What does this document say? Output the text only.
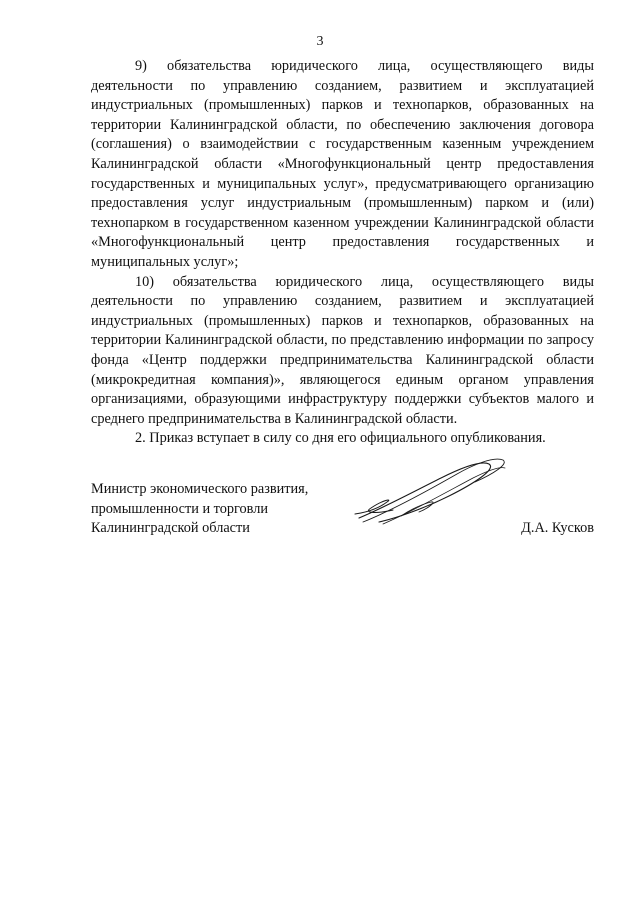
3

9) обязательства юридического лица, осуществляющего виды деятельности по управлению созданием, развитием и эксплуатацией индустриальных (промышленных) парков и технопарков, образованных на территории Калининградской области, по обеспечению заключения договора (соглашения) о взаимодействии с государственным казенным учреждением Калининградской области «Многофункциональный центр предоставления государственных и муниципальных услуг», предусматривающего организацию предоставления услуг индустриальным (промышленным) парком и (или) технопарком в государственном казенном учреждении Калининградской области «Многофункциональный центр предоставления государственных и муниципальных услуг»;

10) обязательства юридического лица, осуществляющего виды деятельности по управлению созданием, развитием и эксплуатацией индустриальных (промышленных) парков и технопарков, образованных на территории Калининградской области, по представлению информации по запросу фонда «Центр поддержки предпринимательства Калининградской области (микрокредитная компания)», являющегося единым органом управления организациями, образующими инфраструктуру поддержки субъектов малого и среднего предпринимательства в Калининградской области.

2. Приказ вступает в силу со дня его официального опубликования.

Министр экономического развития,
промышленности и торговли
Калининградской области	Д.А. Кусков
